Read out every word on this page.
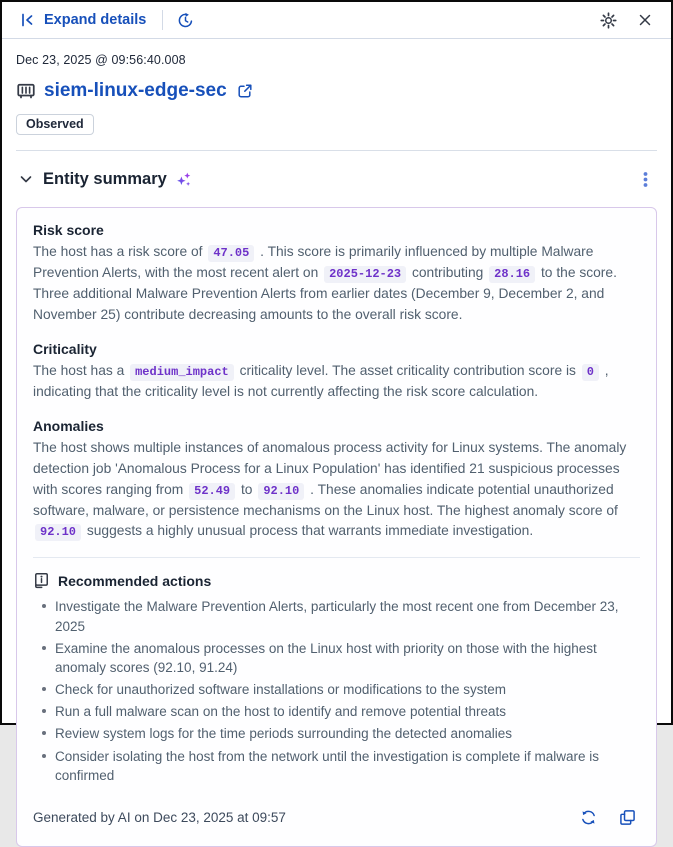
Expand details
Dec 23, 2025 @ 09:56:40.008
siem-linux-edge-sec
Observed
Entity summary
Risk score

The host has a risk score of 47.05 . This score is primarily influenced by multiple Malware Prevention Alerts, with the most recent alert on 2025-12-23 contributing 28.16 to the score. Three additional Malware Prevention Alerts from earlier dates (December 9, December 2, and November 25) contribute decreasing amounts to the overall risk score.

Criticality

The host has a medium_impact criticality level. The asset criticality contribution score is 0 , indicating that the criticality level is not currently affecting the risk score calculation.

Anomalies

The host shows multiple instances of anomalous process activity for Linux systems. The anomaly detection job 'Anomalous Process for a Linux Population' has identified 21 suspicious processes with scores ranging from 52.49 to 92.10 . These anomalies indicate potential unauthorized software, malware, or persistence mechanisms on the Linux host. The highest anomaly score of 92.10 suggests a highly unusual process that warrants immediate investigation.

Recommended actions
Investigate the Malware Prevention Alerts, particularly the most recent one from December 23, 2025
Examine the anomalous processes on the Linux host with priority on those with the highest anomaly scores (92.10, 91.24)
Check for unauthorized software installations or modifications to the system
Run a full malware scan on the host to identify and remove potential threats
Review system logs for the time periods surrounding the detected anomalies
Consider isolating the host from the network until the investigation is complete if malware is confirmed
Generated by AI on Dec 23, 2025 at 09:57
